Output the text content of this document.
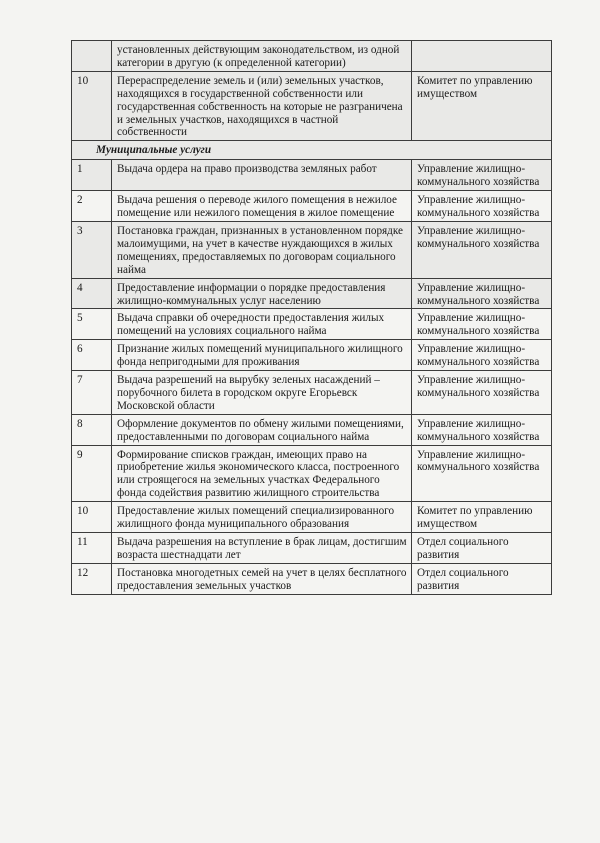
	установленных действующим законодательством, из одной категории в другую (к определенной категории)	
10	Перераспределение земель и (или) земельных участков, находящихся в государственной собственности или государственная собственность на которые не разграничена и земельных участков, находящихся в частной собственности	Комитет по управлению имуществом
Муниципальные услуги		
1	Выдача ордера на право производства земляных работ	Управление жилищно-коммунального хозяйства
2	Выдача решения о переводе жилого помещения в нежилое помещение или нежилого помещения в жилое помещение	Управление жилищно-коммунального хозяйства
3	Постановка граждан, признанных в установленном порядке малоимущими, на учет в качестве нуждающихся в жилых помещениях, предоставляемых по договорам социального найма	Управление жилищно-коммунального хозяйства
4	Предоставление информации о порядке предоставления жилищно-коммунальных услуг населению	Управление жилищно-коммунального хозяйства
5	Выдача справки об очередности предоставления жилых помещений на условиях социального найма	Управление жилищно-коммунального хозяйства
6	Признание жилых помещений муниципального жилищного фонда непригодными для проживания	Управление жилищно-коммунального хозяйства
7	Выдача разрешений на вырубку зеленых насаждений – порубочного билета в городском округе Егорьевск Московской области	Управление жилищно-коммунального хозяйства
8	Оформление документов по обмену жилыми помещениями, предоставленными по договорам социального найма	Управление жилищно-коммунального хозяйства
9	Формирование списков граждан, имеющих право на приобретение жилья экономического класса, построенного или строящегося на земельных участках Федерального фонда содействия развитию жилищного строительства	Управление жилищно-коммунального хозяйства
10	Предоставление жилых помещений специализированного жилищного фонда муниципального образования	Комитет по управлению имуществом
11	Выдача разрешения на вступление в брак лицам, достигшим возраста шестнадцати лет	Отдел социального развития
12	Постановка многодетных семей на учет в целях бесплатного предоставления земельных участков	Отдел социального развития
